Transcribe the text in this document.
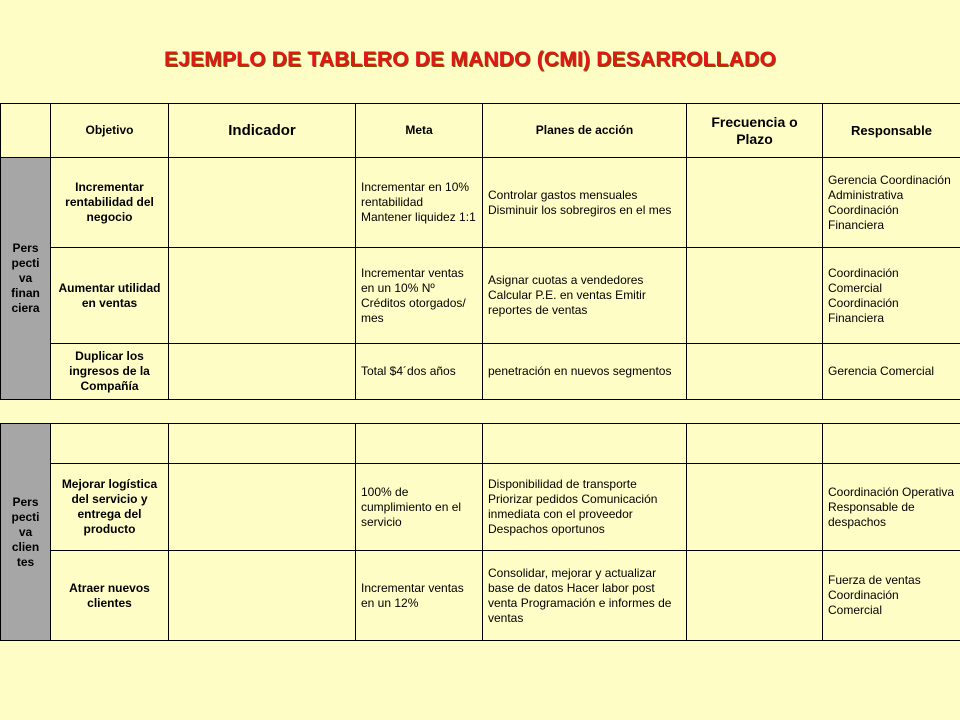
EJEMPLO DE TABLERO DE MANDO (CMI) DESARROLLADO
	Objetivo	Indicador	Meta	Planes de acción	Frecuencia o Plazo	Responsable
Pers pecti va finan ciera	Incrementar rentabilidad del negocio		Incrementar en 10% rentabilidad Mantener liquidez 1:1	Controlar gastos mensuales Disminuir los sobregiros en el mes		Gerencia Coordinación Administrativa Coordinación Financiera
	Aumentar utilidad en ventas		Incrementar ventas en un 10% Nº Créditos otorgados/ mes	Asignar cuotas a vendedores Calcular P.E. en ventas Emitir reportes de ventas		Coordinación Comercial Coordinación Financiera
	Duplicar los ingresos de la Compañía		Total $4´dos años	penetración en nuevos segmentos		Gerencia Comercial
Pers pecti va clien tes						
	Mejorar logística del servicio y entrega del producto		100% de cumplimiento en el servicio	Disponibilidad de transporte Priorizar pedidos Comunicación inmediata con el proveedor Despachos oportunos		Coordinación Operativa Responsable de despachos
	Atraer nuevos clientes		Incrementar ventas en un 12%	Consolidar, mejorar y actualizar base de datos Hacer labor post venta Programación e informes de ventas		Fuerza de ventas Coordinación Comercial
